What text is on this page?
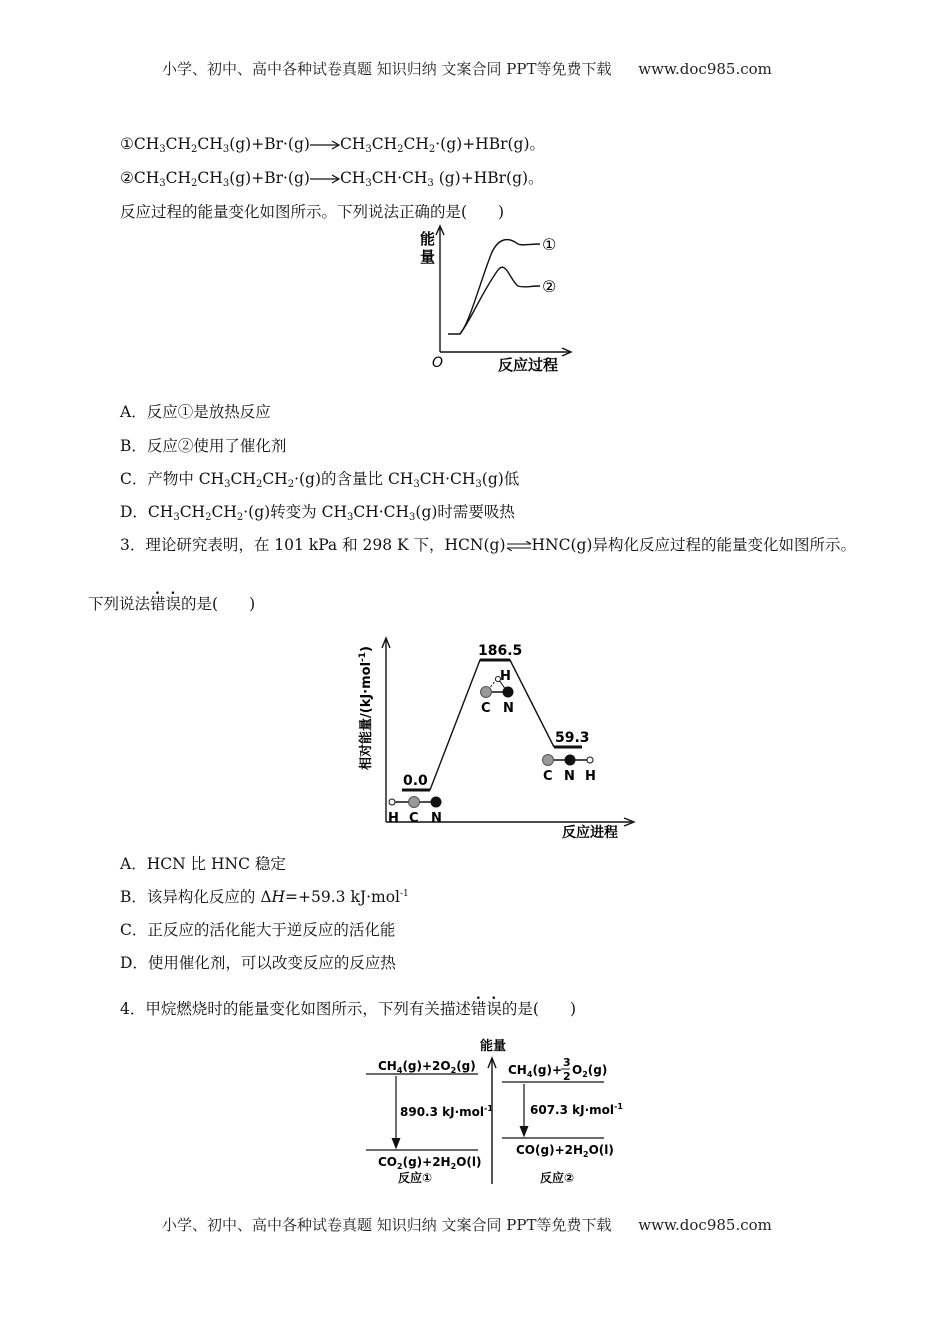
小学、初中、高中各种试卷真题 知识归纳 文案合同 PPT等免费下载 www.doc985.com
$①CH_3CH_2CH_3(g)+Br\cdot(g)\to CH_3CH_2CH_2\cdot(g)+HBr(g)$。
$②CH_3CH_2CH_3(g)+Br\cdot(g)\to CH_3CH\cdot CH_3$ (g)+HBr(g)。
反应过程的能量变化如图所示。下列说法正确的是(　　)
能
量
O	反应过程
①
②
A．反应①是放热反应
B．反应②使用了催化剂
C．产物中 $CH_3CH_2CH_2\cdot(g)$的含量比 $CH_3CH\cdot CH_3(g)$低
D．$CH_3CH_2CH_2\cdot(g)$转变为 $CH_3CH\cdot CH_3(g)$时需要吸热
3．理论研究表明，在 101 kPa 和 298 K 下，HCN(g)⇌HNC(g)异构化反应过程的能量变化如图所示。
下列说法错误的是(　　)
相对能量/(kJ·mol$^{-1}$)
反应进程
0.0
186.5
59.3
H C N
H
C N
C N H
A．HCN 比 HNC 稳定
B．该异构化反应的 ΔH=+59.3 kJ·mol$^{-1}$
C．正反应的活化能大于逆反应的活化能
D．使用催化剂，可以改变反应的反应热
4．甲烷燃烧时的能量变化如图所示，下列有关描述错误的是(　　)
能量
$CH_4(g)+2O_2(g)$
890.3 kJ·mol$^{-1}$
$CO_2(g)+2H_2O(l)$
反应①
$CH_4(g)+$
3
2 $O_2(g)$
607.3 kJ·mol$^{-1}$
$CO(g)+2H_2O(l)$
反应②
小学、初中、高中各种试卷真题 知识归纳 文案合同 PPT等免费下载 www.doc985.com
